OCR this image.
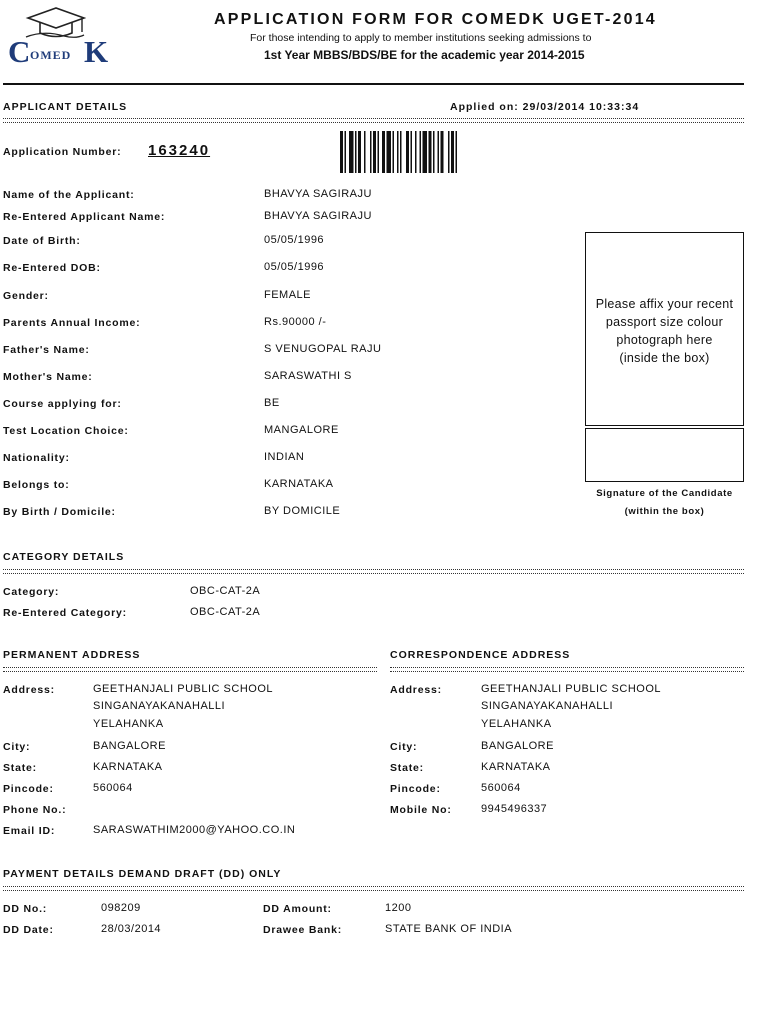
C OMED K
APPLICATION FORM FOR COMEDK UGET-2014
For those intending to apply to member institutions seeking admissions to
1st Year MBBS/BDS/BE for the academic year 2014-2015
APPLICANT DETAILS	Applied on: 29/03/2014 10:33:34
Application Number: 163240
Name of the Applicant:	BHAVYA SAGIRAJU
Re-Entered Applicant Name:	BHAVYA SAGIRAJU
Date of Birth:	05/05/1996
Re-Entered DOB:	05/05/1996
Gender:	FEMALE
Parents Annual Income:	Rs.90000 /-
Father's Name:	S VENUGOPAL RAJU
Mother's Name:	SARASWATHI S
Course applying for:	BE
Test Location Choice:	MANGALORE
Nationality:	INDIAN
Belongs to:	KARNATAKA
By Birth / Domicile:	BY DOMICILE
Please affix your recent
passport size colour
photograph here
(inside the box)
Signature of the Candidate
(within the box)
CATEGORY DETAILS
Category:	OBC-CAT-2A
Re-Entered Category:	OBC-CAT-2A
PERMANENT ADDRESS	CORRESPONDENCE ADDRESS
Address:	GEETHANJALI PUBLIC SCHOOL
SINGANAYAKANAHALLI
YELAHANKA
City:	BANGALORE
State:	KARNATAKA
Pincode:	560064
Phone No.:
Email ID:	SARASWATHIM2000@YAHOO.CO.IN
Address:	GEETHANJALI PUBLIC SCHOOL
SINGANAYAKANAHALLI
YELAHANKA
City:	BANGALORE
State:	KARNATAKA
Pincode:	560064
Mobile No:	9945496337
PAYMENT DETAILS DEMAND DRAFT (DD) ONLY
DD No.:	098209	DD Amount:	1200
DD Date:	28/03/2014	Drawee Bank:	STATE BANK OF INDIA
